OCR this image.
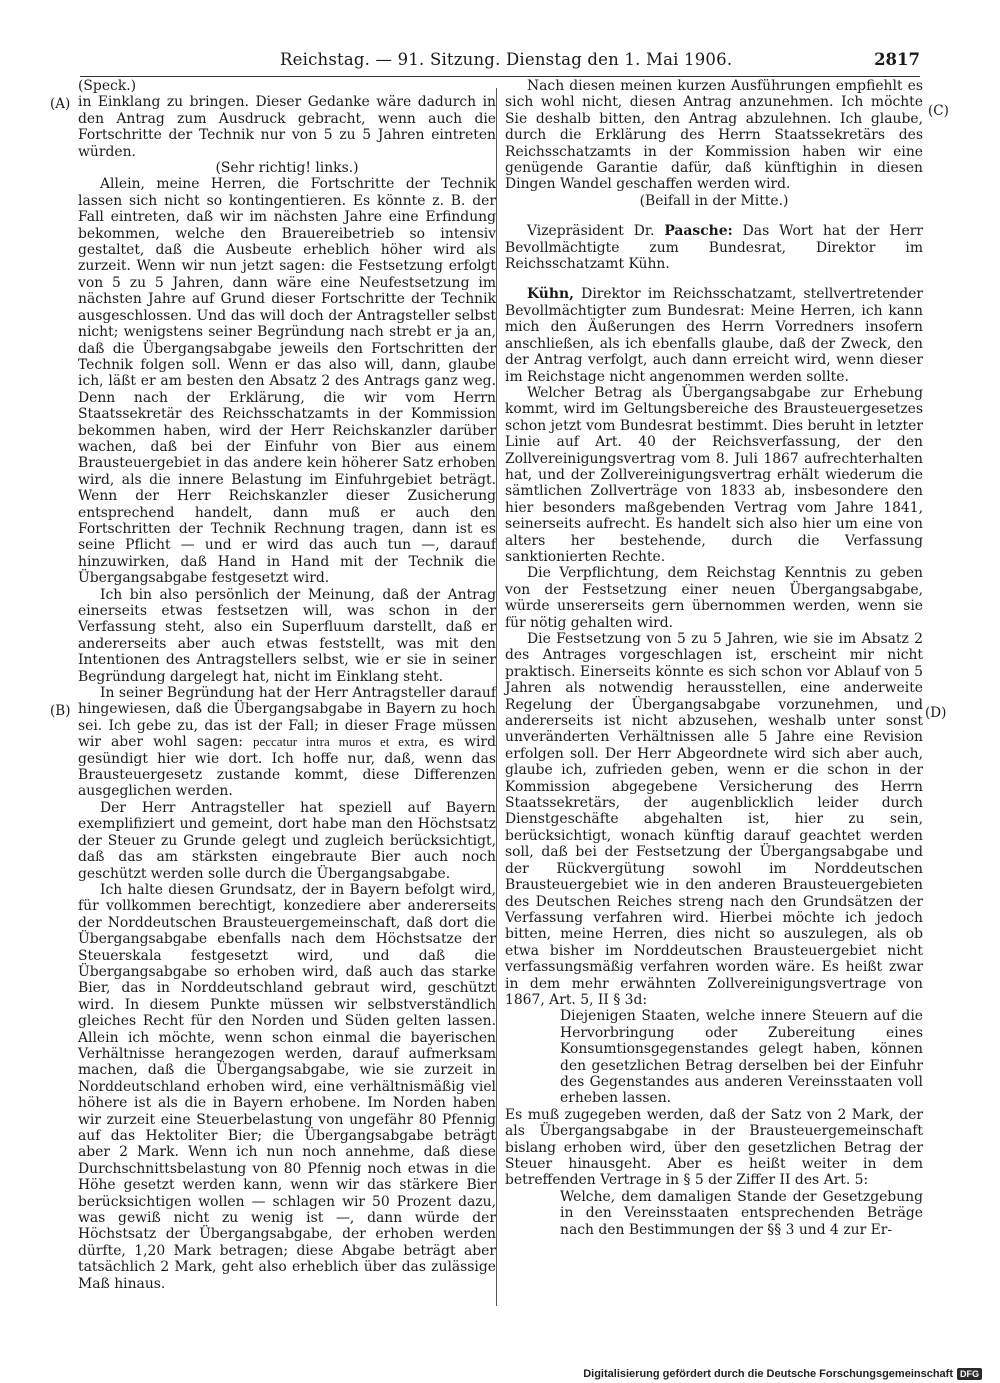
Reichstag. — 91. Sitzung. Dienstag den 1. Mai 1906.	2817
(A)
(B)
(C)
(D)

(Speck.)

in Einklang zu bringen. Dieser Gedanke wäre dadurch in den Antrag zum Ausdruck gebracht, wenn auch die Fortschritte der Technik nur von 5 zu 5 Jahren eintreten würden.

(Sehr richtig! links.)

Allein, meine Herren, die Fortschritte der Technik lassen sich nicht so kontingentieren. Es könnte z. B. der Fall eintreten, daß wir im nächsten Jahre eine Erfindung bekommen, welche den Brauereibetrieb so intensiv gestaltet, daß die Ausbeute erheblich höher wird als zurzeit. Wenn wir nun jetzt sagen: die Festsetzung erfolgt von 5 zu 5 Jahren, dann wäre eine Neufestsetzung im nächsten Jahre auf Grund dieser Fortschritte der Technik ausgeschlossen. Und das will doch der Antragsteller selbst nicht; wenigstens seiner Begründung nach strebt er ja an, daß die Übergangsabgabe jeweils den Fortschritten der Technik folgen soll. Wenn er das also will, dann, glaube ich, läßt er am besten den Absatz 2 des Antrags ganz weg. Denn nach der Erklärung, die wir vom Herrn Staatssekretär des Reichsschatzamts in der Kommission bekommen haben, wird der Herr Reichskanzler darüber wachen, daß bei der Einfuhr von Bier aus einem Brausteuergebiet in das andere kein höherer Satz erhoben wird, als die innere Belastung im Einfuhrgebiet beträgt. Wenn der Herr Reichskanzler dieser Zusicherung entsprechend handelt, dann muß er auch den Fortschritten der Technik Rechnung tragen, dann ist es seine Pflicht — und er wird das auch tun —, darauf hinzuwirken, daß Hand in Hand mit der Technik die Übergangsabgabe festgesetzt wird.

Ich bin also persönlich der Meinung, daß der Antrag einerseits etwas festsetzen will, was schon in der Verfassung steht, also ein Superfluum darstellt, daß er andererseits aber auch etwas feststellt, was mit den Intentionen des Antragstellers selbst, wie er sie in seiner Begründung dargelegt hat, nicht im Einklang steht.

In seiner Begründung hat der Herr Antragsteller darauf hingewiesen, daß die Übergangsabgabe in Bayern zu hoch sei. Ich gebe zu, das ist der Fall; in dieser Frage müssen wir aber wohl sagen: peccatur intra muros et extra, es wird gesündigt hier wie dort. Ich hoffe nur, daß, wenn das Brausteuergesetz zustande kommt, diese Differenzen ausgeglichen werden.

Der Herr Antragsteller hat speziell auf Bayern exemplifiziert und gemeint, dort habe man den Höchstsatz der Steuer zu Grunde gelegt und zugleich berücksichtigt, daß das am stärksten eingebraute Bier auch noch geschützt werden solle durch die Übergangsabgabe.

Ich halte diesen Grundsatz, der in Bayern befolgt wird, für vollkommen berechtigt, konzediere aber andererseits der Norddeutschen Brausteuergemeinschaft, daß dort die Übergangsabgabe ebenfalls nach dem Höchstsatze der Steuerskala festgesetzt wird, und daß die Übergangsabgabe so erhoben wird, daß auch das starke Bier, das in Norddeutschland gebraut wird, geschützt wird. In diesem Punkte müssen wir selbstverständlich gleiches Recht für den Norden und Süden gelten lassen. Allein ich möchte, wenn schon einmal die bayerischen Verhältnisse herangezogen werden, darauf aufmerksam machen, daß die Übergangsabgabe, wie sie zurzeit in Norddeutschland erhoben wird, eine verhältnismäßig viel höhere ist als die in Bayern erhobene. Im Norden haben wir zurzeit eine Steuerbelastung von ungefähr 80 Pfennig auf das Hektoliter Bier; die Übergangsabgabe beträgt aber 2 Mark. Wenn ich nun noch annehme, daß diese Durchschnittsbelastung von 80 Pfennig noch etwas in die Höhe gesetzt werden kann, wenn wir das stärkere Bier berücksichtigen wollen — schlagen wir 50 Prozent dazu, was gewiß nicht zu wenig ist —, dann würde der Höchstsatz der Übergangsabgabe, der erhoben werden dürfte, 1,20 Mark betragen; diese Abgabe beträgt aber tatsächlich 2 Mark, geht also erheblich über das zulässige Maß hinaus.

Nach diesen meinen kurzen Ausführungen empfiehlt es sich wohl nicht, diesen Antrag anzunehmen. Ich möchte Sie deshalb bitten, den Antrag abzulehnen. Ich glaube, durch die Erklärung des Herrn Staatssekretärs des Reichsschatzamts in der Kommission haben wir eine genügende Garantie dafür, daß künftighin in diesen Dingen Wandel geschaffen werden wird.

(Beifall in der Mitte.)

Vizepräsident Dr. Paasche: Das Wort hat der Herr Bevollmächtigte zum Bundesrat, Direktor im Reichsschatzamt Kühn.

Kühn, Direktor im Reichsschatzamt, stellvertretender Bevollmächtigter zum Bundesrat: Meine Herren, ich kann mich den Äußerungen des Herrn Vorredners insofern anschließen, als ich ebenfalls glaube, daß der Zweck, den der Antrag verfolgt, auch dann erreicht wird, wenn dieser im Reichstage nicht angenommen werden sollte.

Welcher Betrag als Übergangsabgabe zur Erhebung kommt, wird im Geltungsbereiche des Brausteuergesetzes schon jetzt vom Bundesrat bestimmt. Dies beruht in letzter Linie auf Art. 40 der Reichsverfassung, der den Zollvereinigungsvertrag vom 8. Juli 1867 aufrechterhalten hat, und der Zollvereinigungsvertrag erhält wiederum die sämtlichen Zollverträge von 1833 ab, insbesondere den hier besonders maßgebenden Vertrag vom Jahre 1841, seinerseits aufrecht. Es handelt sich also hier um eine von alters her bestehende, durch die Verfassung sanktionierten Rechte.

Die Verpflichtung, dem Reichstag Kenntnis zu geben von der Festsetzung einer neuen Übergangsabgabe, würde unsererseits gern übernommen werden, wenn sie für nötig gehalten wird.

Die Festsetzung von 5 zu 5 Jahren, wie sie im Absatz 2 des Antrages vorgeschlagen ist, erscheint mir nicht praktisch. Einerseits könnte es sich schon vor Ablauf von 5 Jahren als notwendig herausstellen, eine anderweite Regelung der Übergangsabgabe vorzunehmen, und andererseits ist nicht abzusehen, weshalb unter sonst unveränderten Verhältnissen alle 5 Jahre eine Revision erfolgen soll. Der Herr Abgeordnete wird sich aber auch, glaube ich, zufrieden geben, wenn er die schon in der Kommission abgegebene Versicherung des Herrn Staatssekretärs, der augenblicklich leider durch Dienstgeschäfte abgehalten ist, hier zu sein, berücksichtigt, wonach künftig darauf geachtet werden soll, daß bei der Festsetzung der Übergangsabgabe und der Rückvergütung sowohl im Norddeutschen Brausteuergebiet wie in den anderen Brausteuergebieten des Deutschen Reiches streng nach den Grundsätzen der Verfassung verfahren wird. Hierbei möchte ich jedoch bitten, meine Herren, dies nicht so auszulegen, als ob etwa bisher im Norddeutschen Brausteuergebiet nicht verfassungsmäßig verfahren worden wäre. Es heißt zwar in dem mehr erwähnten Zollvereinigungsvertrage von 1867, Art. 5, II § 3d:

Diejenigen Staaten, welche innere Steuern auf die Hervorbringung oder Zubereitung eines Konsumtionsgegenstandes gelegt haben, können den gesetzlichen Betrag derselben bei der Einfuhr des Gegenstandes aus anderen Vereinsstaaten voll erheben lassen.

Es muß zugegeben werden, daß der Satz von 2 Mark, der als Übergangsabgabe in der Brausteuergemeinschaft bislang erhoben wird, über den gesetzlichen Betrag der Steuer hinausgeht. Aber es heißt weiter in dem betreffenden Vertrage in § 5 der Ziffer II des Art. 5:

Welche, dem damaligen Stande der Gesetzgebung in den Vereinsstaaten entsprechenden Beträge nach den Bestimmungen der §§ 3 und 4 zur Er-

Digitalisierung gefördert durch die Deutsche Forschungsgemeinschaft DFG
